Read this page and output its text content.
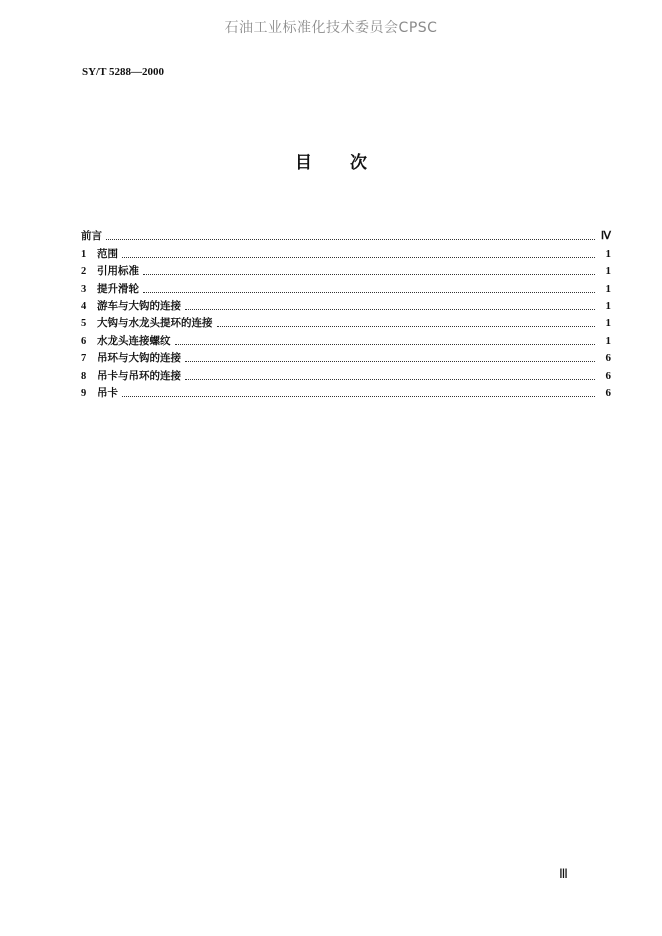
石油工业标准化技术委员会CPSC
SY/T 5288—2000
目次
前言	Ⅳ
1	范围	1
2	引用标准	1
3	提升滑轮	1
4	游车与大钩的连接	1
5	大钩与水龙头提环的连接	1
6	水龙头连接螺纹	1
7	吊环与大钩的连接	6
8	吊卡与吊环的连接	6
9	吊卡	6
Ⅲ
